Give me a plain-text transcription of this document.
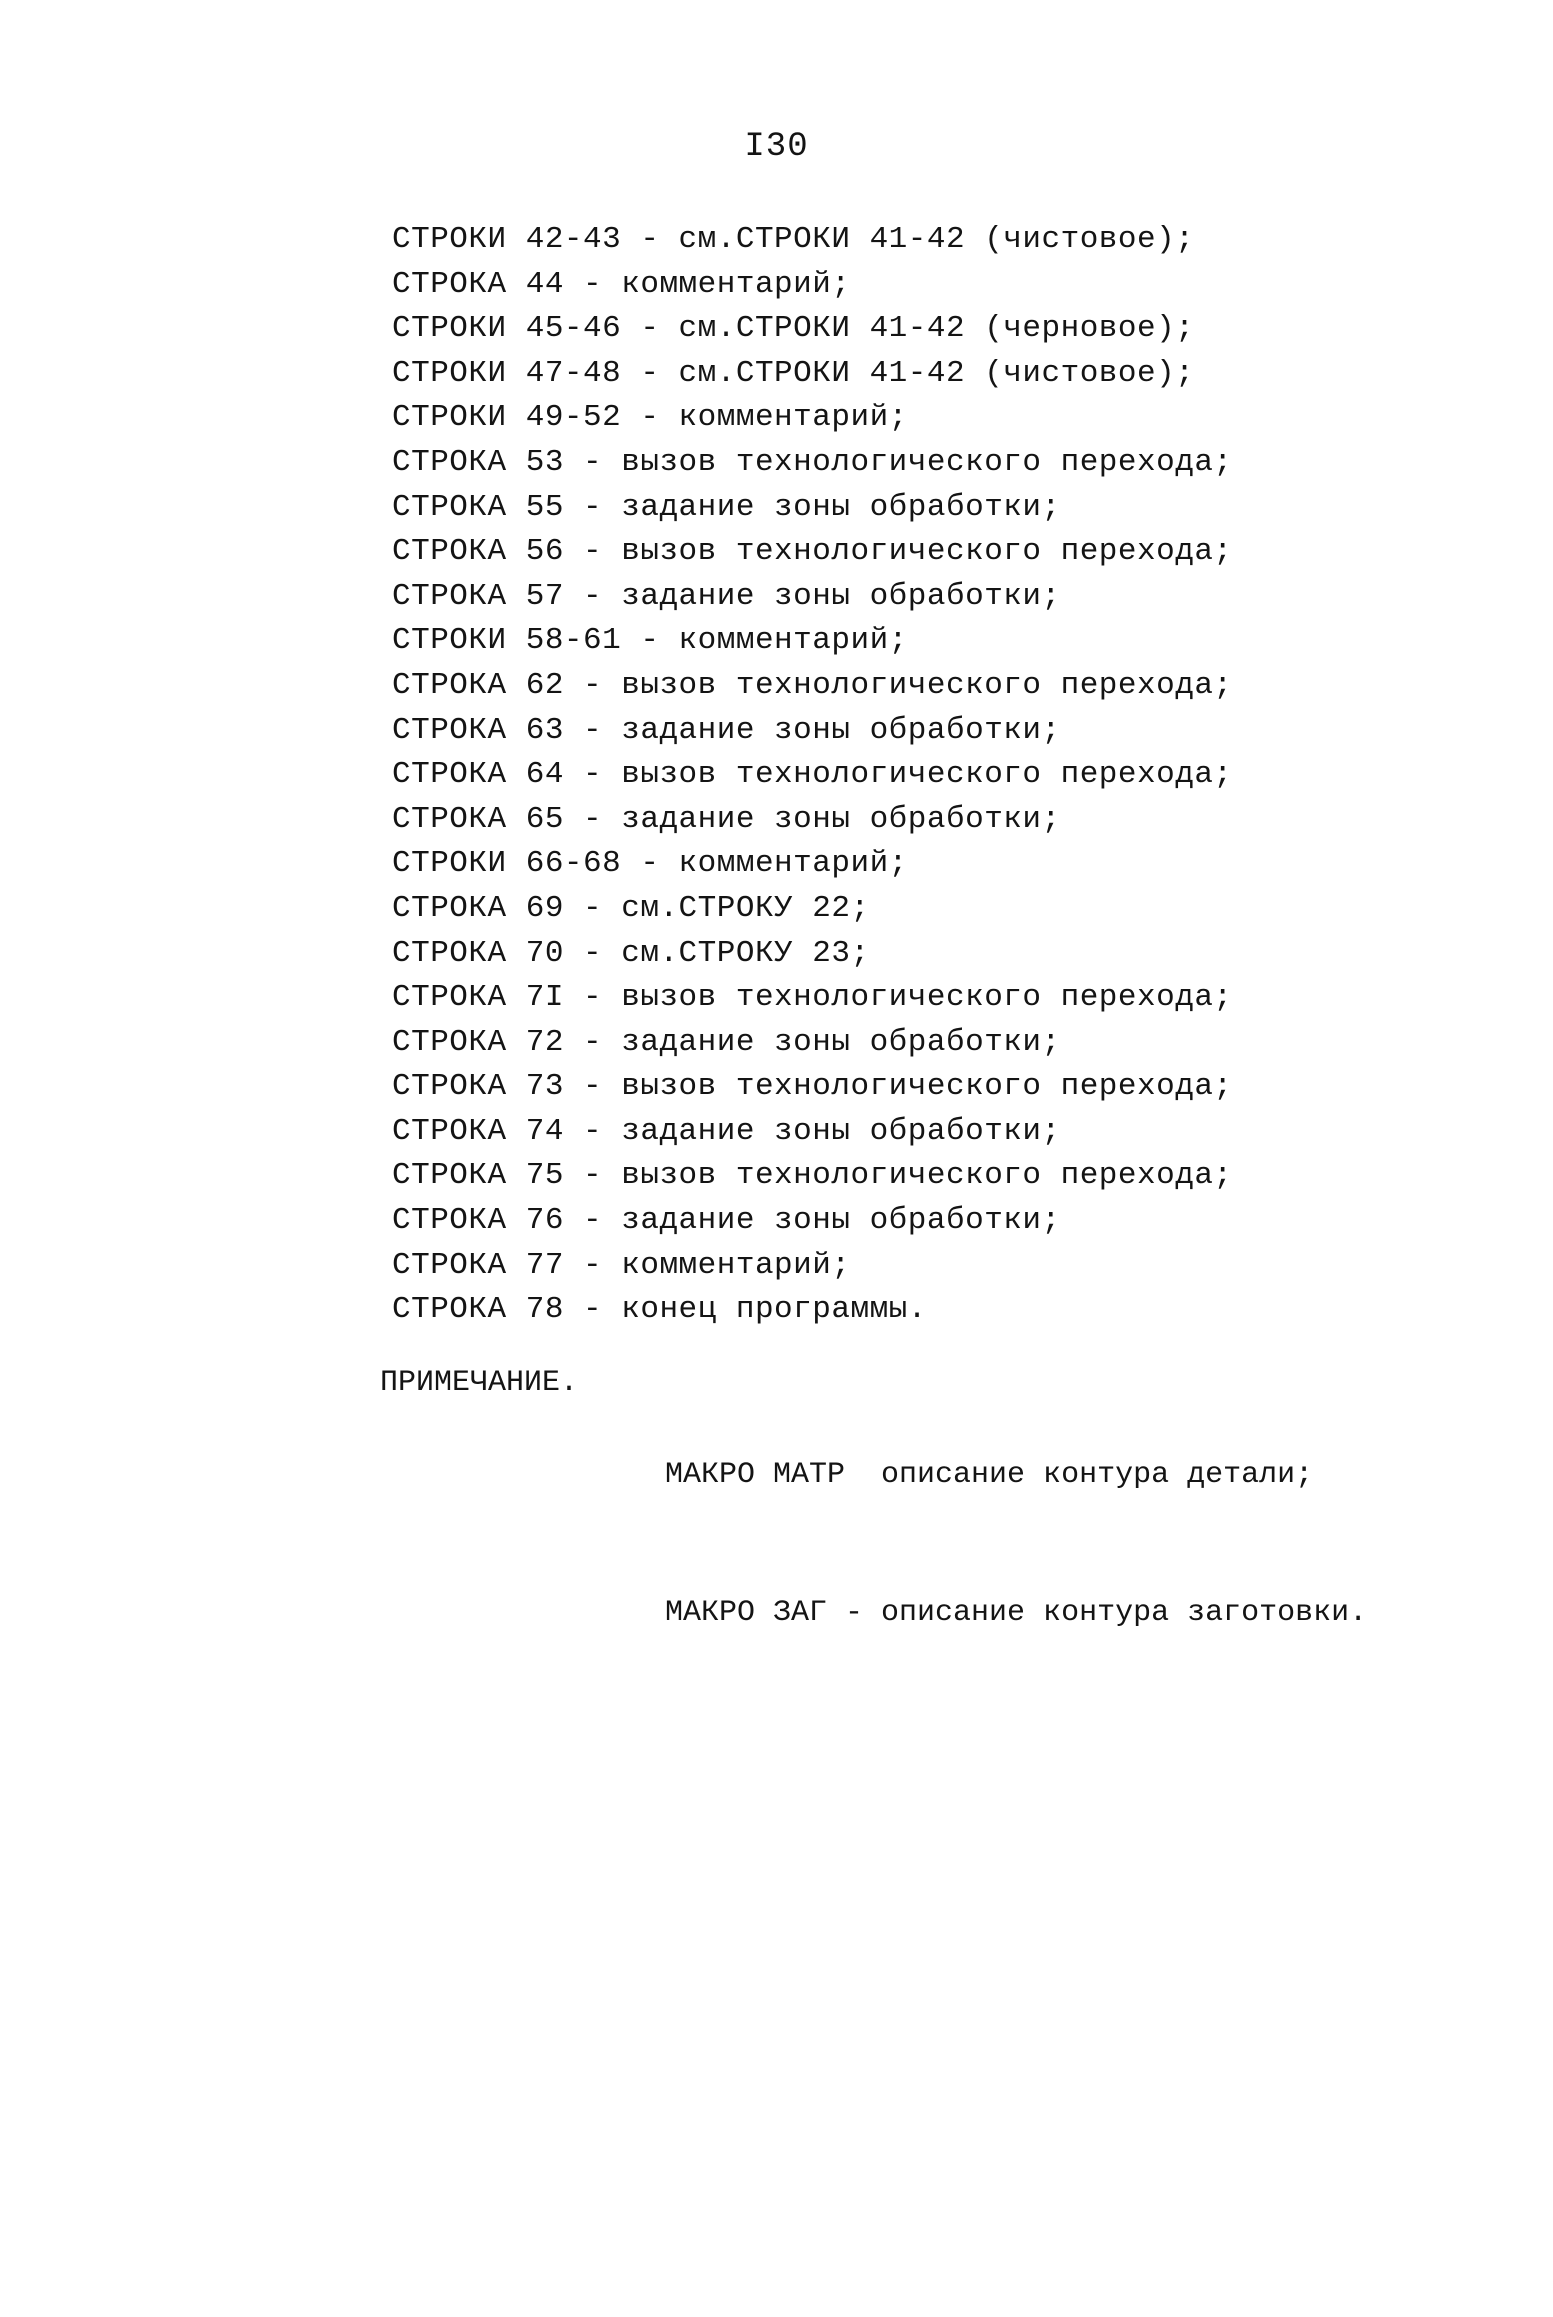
I30
СТРОКИ 42-43 - см.СТРОКИ 41-42 (чистовое);
СТРОКА 44 - комментарий;
СТРОКИ 45-46 - см.СТРОКИ 41-42 (черновое);
СТРОКИ 47-48 - см.СТРОКИ 41-42 (чистовое);
СТРОКИ 49-52 - комментарий;
СТРОКА 53 - вызов технологического перехода;
СТРОКА 55 - задание зоны обработки;
СТРОКА 56 - вызов технологического перехода;
СТРОКА 57 - задание зоны обработки;
СТРОКИ 58-61 - комментарий;
СТРОКА 62 - вызов технологического перехода;
СТРОКА 63 - задание зоны обработки;
СТРОКА 64 - вызов технологического перехода;
СТРОКА 65 - задание зоны обработки;
СТРОКИ 66-68 - комментарий;
СТРОКА 69 - см.СТРОКУ 22;
СТРОКА 70 - см.СТРОКУ 23;
СТРОКА 7I - вызов технологического перехода;
СТРОКА 72 - задание зоны обработки;
СТРОКА 73 - вызов технологического перехода;
СТРОКА 74 - задание зоны обработки;
СТРОКА 75 - вызов технологического перехода;
СТРОКА 76 - задание зоны обработки;
СТРОКА 77 - комментарий;
СТРОКА 78 - конец программы.

ПРИМЕЧАНИЕ.

МАКРО МАТР  описание контура детали;

МАКРО ЗАГ - описание контура заготовки.
